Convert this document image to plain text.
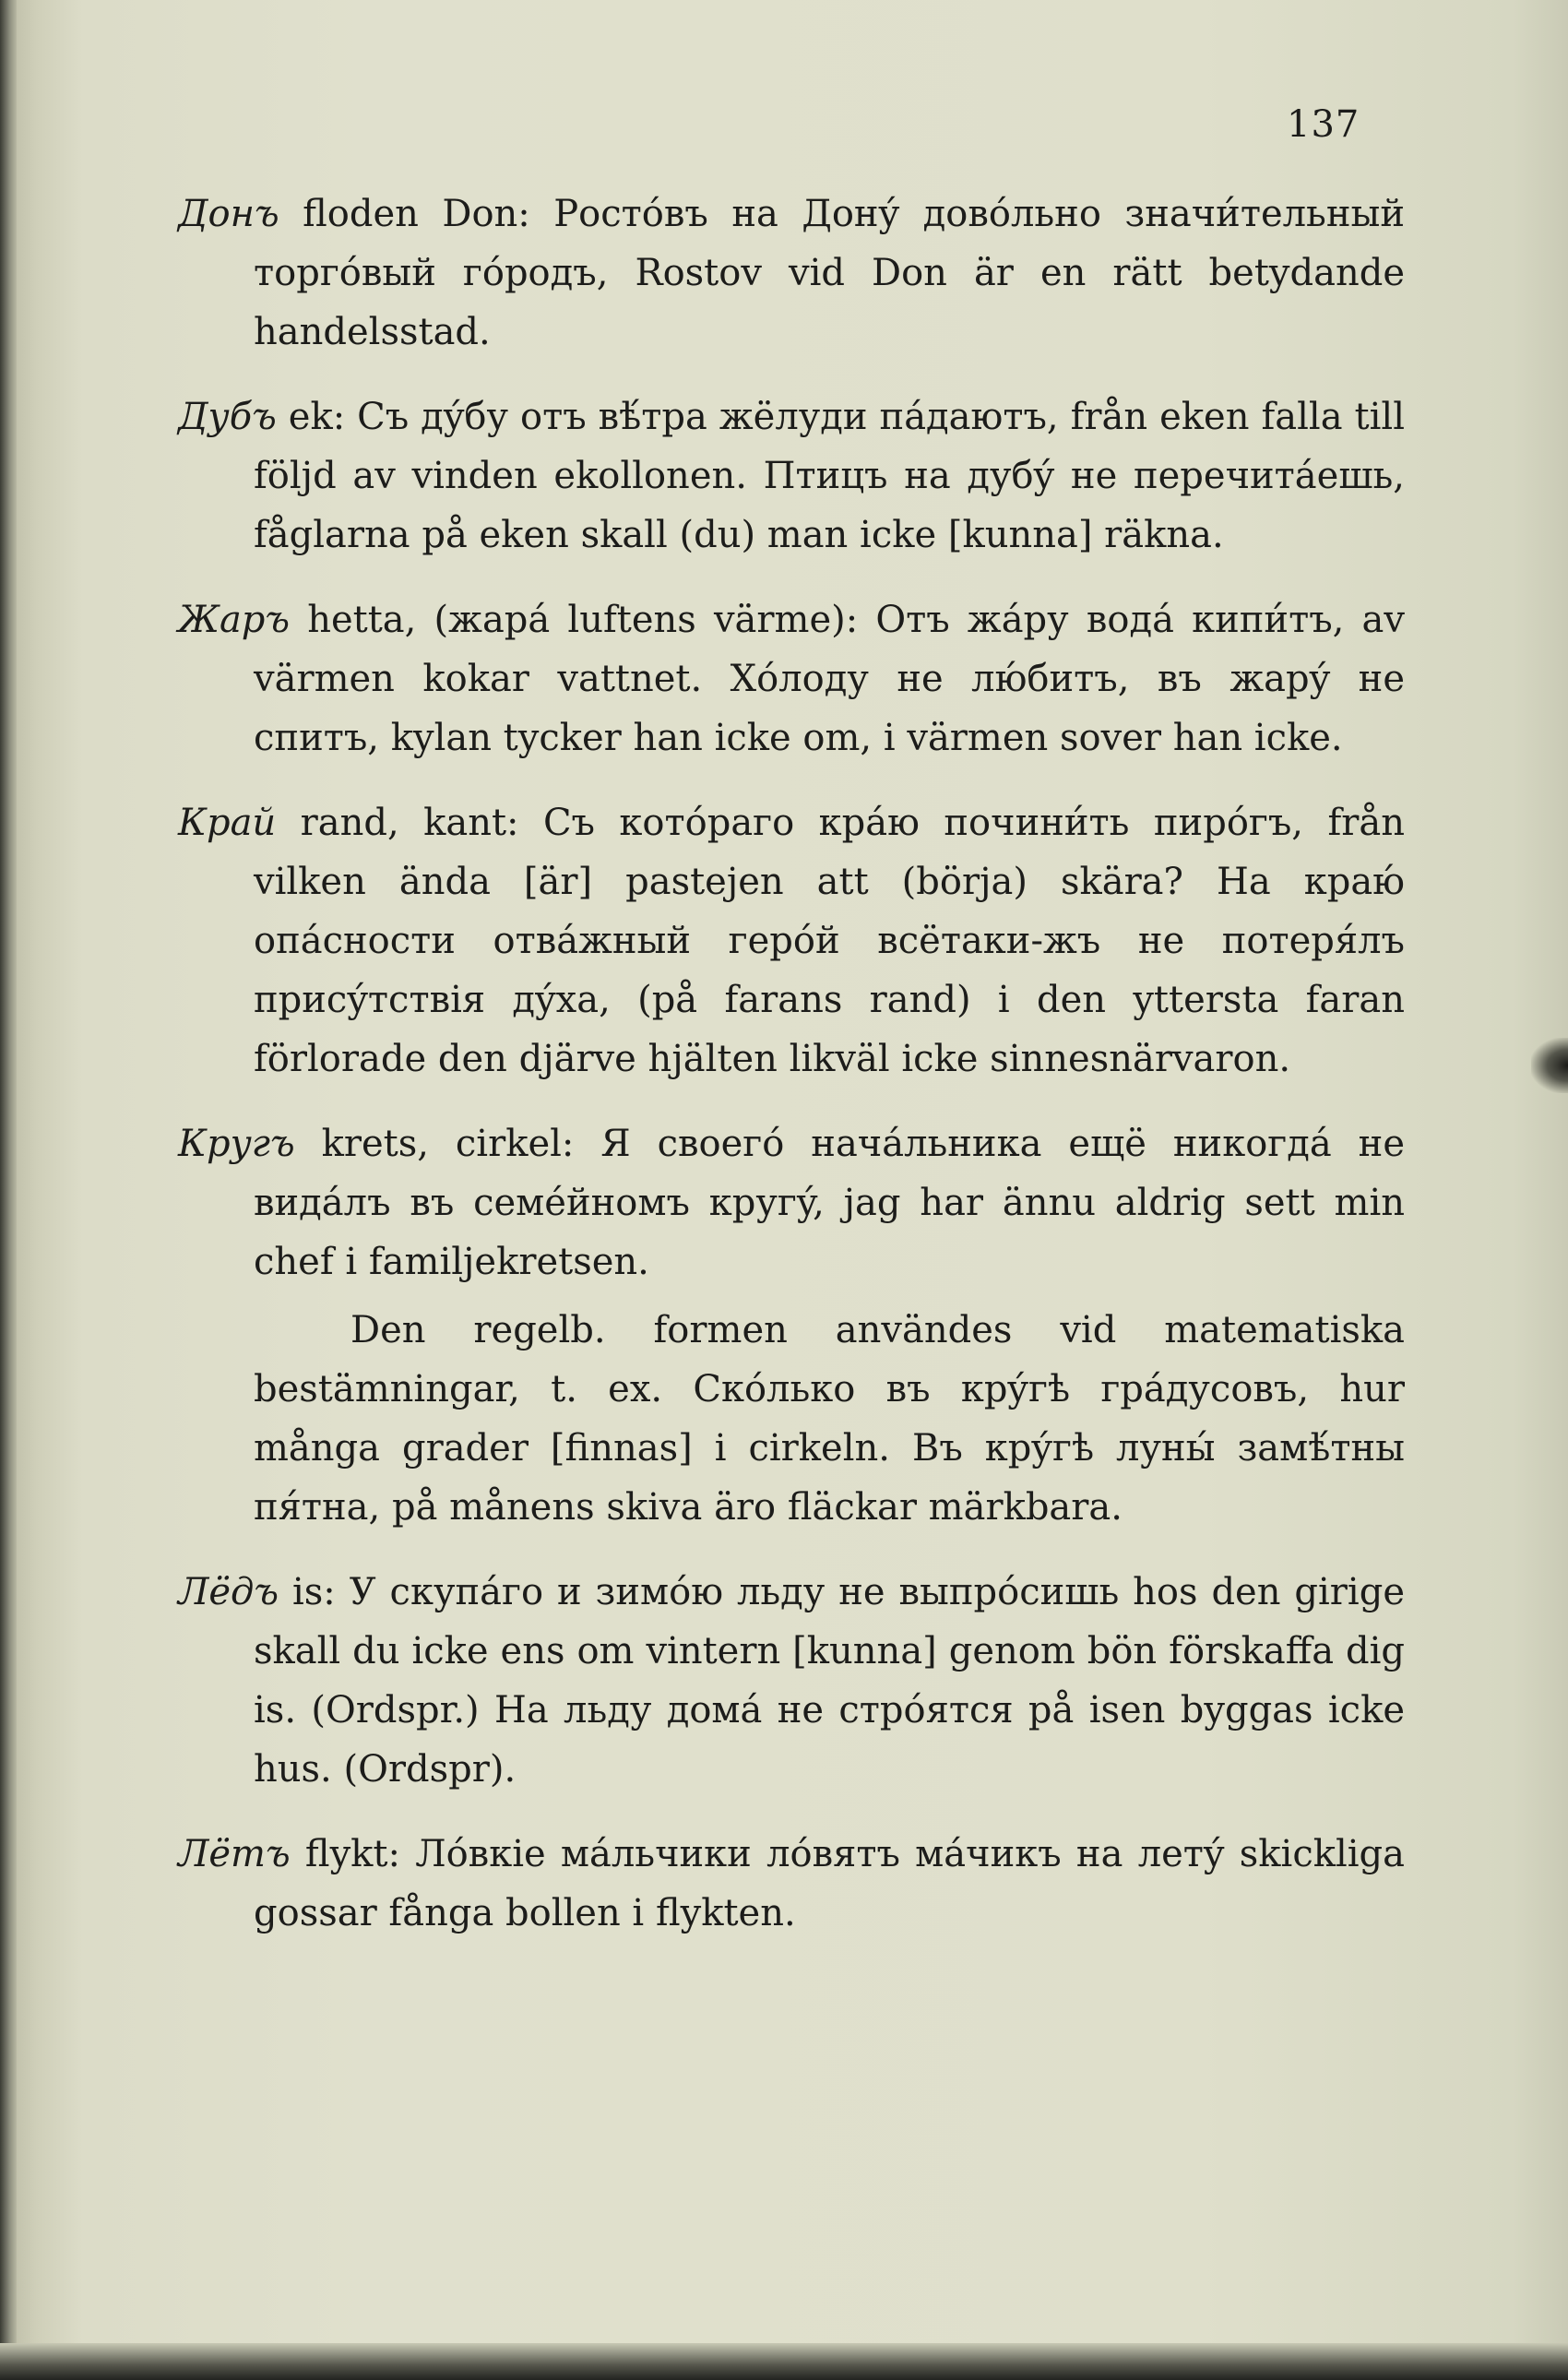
137

Донъ floden Don: Ростóвъ на Донý довóльно значи́тельный торгóвый гóродъ, Rostov vid Don är en rätt betydande handelsstad.

Дубъ ek: Съ дýбу отъ вѣ́тра жёлуди пáдаютъ, från eken falla till följd av vinden ekollonen. Птицъ на дубý не перечитáешь, fåglarna på eken skall (du) man icke [kunna] räkna.

Жаръ hetta, (жарá luftens värme): Отъ жáру водá кипи́тъ, av värmen kokar vattnet. Хóлоду не лю́битъ, въ жарý не спитъ, kylan tycker han icke om, i värmen sover han icke.

Край rand, kant: Съ котóраго крáю почини́ть пирóгъ, från vilken ända [är] pastejen att (börja) skära? На краю́ опáсности отвáжный герóй всётаки-жъ не потеря́лъ присýтствія дýха, (på farans rand) i den yttersta faran förlorade den djärve hjälten likväl icke sinnesnärvaron.

Кругъ krets, cirkel: Я своегó начáльника ещё никогдá не видáлъ въ семéйномъ кругý, jag har ännu aldrig sett min chef i familjekretsen.
Den regelb. formen användes vid matematiska bestämningar, t. ex. Скóлько въ крýгѣ грáдусовъ, hur många grader [finnas] i cirkeln. Въ крýгѣ луны́ замѣ́тны пя́тна, på månens skiva äro fläckar märkbara.

Лёдъ is: У скупáго и зимóю льду не выпрóсишь hos den girige skall du icke ens om vintern [kunna] genom bön förskaffa dig is. (Ordspr.) На льду домá не стрóятся på isen byggas icke hus. (Ordspr).

Лётъ flykt: Лóвкіе мáльчики лóвятъ мáчикъ на летý skickliga gossar fånga bollen i flykten.
